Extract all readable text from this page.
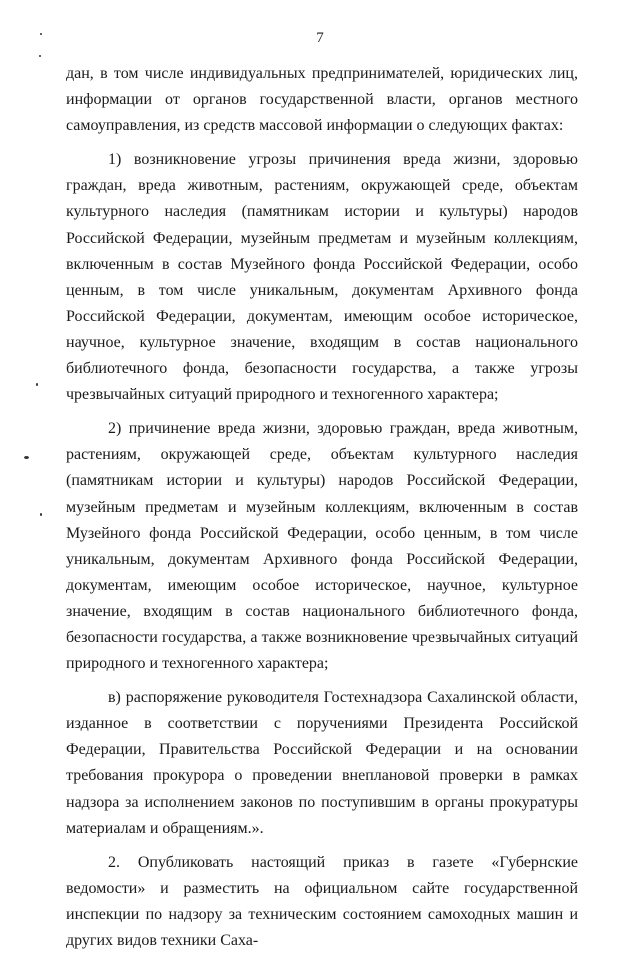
7

дан, в том числе индивидуальных предпринимателей, юридических лиц, информации от органов государственной власти, органов местного самоуправления, из средств массовой информации о следующих фактах:

1) возникновение угрозы причинения вреда жизни, здоровью граждан, вреда животным, растениям, окружающей среде, объектам культурного наследия (памятникам истории и культуры) народов Российской Федерации, музейным предметам и музейным коллекциям, включенным в состав Музейного фонда Российской Федерации, особо ценным, в том числе уникальным, документам Архивного фонда Российской Федерации, документам, имеющим особое историческое, научное, культурное значение, входящим в состав национального библиотечного фонда, безопасности государства, а также угрозы чрезвычайных ситуаций природного и техногенного характера;

2) причинение вреда жизни, здоровью граждан, вреда животным, растениям, окружающей среде, объектам культурного наследия (памятникам истории и культуры) народов Российской Федерации, музейным предметам и музейным коллекциям, включенным в состав Музейного фонда Российской Федерации, особо ценным, в том числе уникальным, документам Архивного фонда Российской Федерации, документам, имеющим особое историческое, научное, культурное значение, входящим в состав национального библиотечного фонда, безопасности государства, а также возникновение чрезвычайных ситуаций природного и техногенного характера;

в) распоряжение руководителя Гостехнадзора Сахалинской области, изданное в соответствии с поручениями Президента Российской Федерации, Правительства Российской Федерации и на основании требования прокурора о проведении внеплановой проверки в рамках надзора за исполнением законов по поступившим в органы прокуратуры материалам и обращениям.».

2. Опубликовать настоящий приказ в газете «Губернские ведомости» и разместить на официальном сайте государственной инспекции по надзору за техническим состоянием самоходных машин и других видов техники Саха-
